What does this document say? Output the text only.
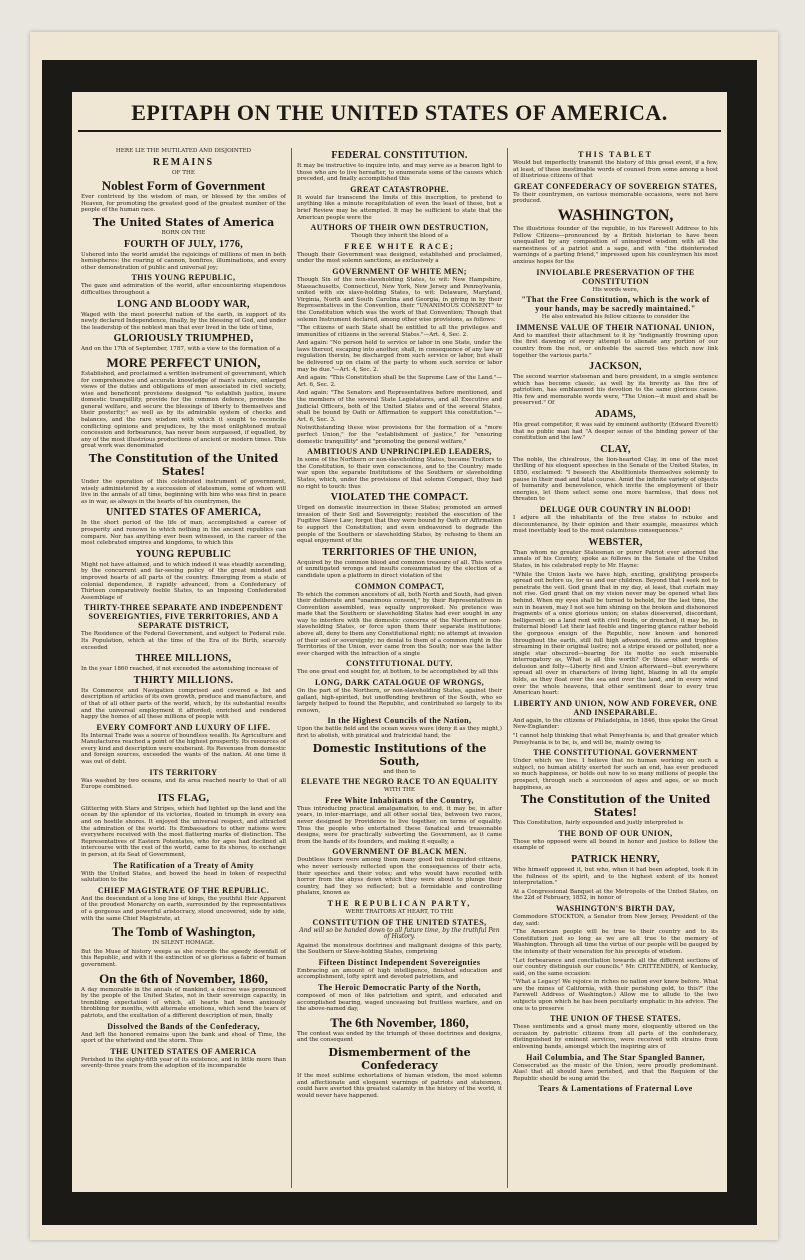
EPITAPH ON THE UNITED STATES OF AMERICA.

HERE LIE THE MUTILATED AND DISJOINTED

REMAINS

OF THE

Noblest Form of Government

Ever contrived by the wisdom of man, or blessed by the smiles of Heaven, for promoting the greatest good of the greatest number of the people of the human race.

The United States of America

BORN ON THE

FOURTH OF JULY, 1776,

Ushered into the world amidst the rejoicings of millions of men in both hemispheres: the roaring of cannon, bonfires, illuminations, and every other demonstration of public and universal joy;

THIS YOUNG REPUBLIC,

The gaze and admiration of the world, after encountering stupendous difficulties throughout a

LONG AND BLOODY WAR,

Waged with the most powerful nation of the earth, in support of its newly declared Independence, finally, by the blessing of God, and under the leadership of the noblest man that ever lived in the tide of time,

GLORIOUSLY TRIUMPHED,

And on the 17th of September, 1787, with a view to the formation of a

MORE PERFECT UNION,

Established, and proclaimed a written instrument of government, which for comprehensive and accurate knowledge of man's nature, enlarged views of the duties and obligations of men associated in civil society, wise and beneficent provisions designed "to establish justice, insure domestic tranquillity, provide for the common defence, promote the general welfare, and secure the blessings of liberty to themselves and their posterity;" as well as by its admirable system of checks and balances, and the rare wisdom with which it sought to reconcile conflicting opinions and prejudices, by the most enlightened mutual concession and forbearance, has never been surpassed, if equalled, by any of the most illustrious productions of ancient or modern times. This great work was denominated

The Constitution of the United States!

Under the operation of this celebrated instrument of government, wisely administered by a succession of statesmen, some of whom will live in the annals of all time, beginning with him who was first in peace as in war, as always in the hearts of his countrymen, the

UNITED STATES OF AMERICA,

In the short period of the life of man, accomplished a career of prosperity and renown to which nothing in the ancient republics can compare. Nor has anything ever been witnessed, in the career of the most celebrated empires and kingdoms, to which this

YOUNG REPUBLIC

Might not have attained, and to which indeed it was steadily ascending, by the concurrent and far-seeing policy of the great minded and improved hearts of all parts of the country. Emerging from a state of colonial dependence, it rapidly advanced, from a Confederacy of Thirteen comparatively feeble States, to an Imposing Confederated Assemblage of

THIRTY-THREE SEPARATE AND INDEPENDENT SOVEREIGNTIES, FIVE TERRITORIES, AND A SEPARATE DISTRICT,

The Residence of the Federal Government, and subject to Federal rule. Its Population, which at the time of the Era of its Birth, scarcely exceeded

THREE MILLIONS,

In the year 1860 reached, if not exceeded the astonishing increase of

THIRTY MILLIONS.

Its Commerce and Navigation comprised and covered a list and description of articles of its own growth, produce and manufacture, and of that of all other parts of the world, which, by its substantial results and the universal employment it afforded, enriched and rendered happy the homes of all these millions of people with

EVERY COMFORT AND LUXURY OF LIFE.

Its Internal Trade was a source of boundless wealth. Its Agriculture and Manufactures reached a point of the highest prosperity. Its resources of every kind and description were exuberant. Its Revenues from domestic and foreign sources, exceeded the wants of the nation. At one time it was out of debt.

ITS TERRITORY

Was washed by two oceans, and its area reached nearly to that of all Europe combined.

ITS FLAG,

Glittering with Stars and Stripes, which had lighted up the land and the ocean by the splendor of its victories, floated in triumph in every sea and on hostile shores. It enjoyed the universal respect, and attracted the admiration of the world. Its Embassadors to other nations were everywhere received with the most flattering marks of distinction. The Representatives of Eastern Potentates, who for ages had declined all intercourse with the rest of the world, came to its shores, to exchange in person, at its Seat of Government,

The Ratification of a Treaty of Amity

With the United States, and bowed the head in token of respectful salutation to the

CHIEF MAGISTRATE OF THE REPUBLIC.

And the descendant of a long line of kings, the youthful Heir Apparent of the proudest Monarchy on earth, surrounded by the representatives of a gorgeous and powerful aristocracy, stood uncovered, side by side, with the same Chief Magistrate, at

The Tomb of Washington,

IN SILENT HOMAGE.

But the Muse of history weeps as she records the speedy downfall of this Republic, and with it the extinction of so glorious a fabric of human government.

On the 6th of November, 1860,

A day memorable in the annals of mankind, a decree was pronounced by the people of the United States, not in their sovereign capacity, in trembling expectation of which, all hearts had been anxiously throbbing for months, with alternate emotions, which send the tears of patriots, and the exultation of a different description of men, finally

Dissolved the Bands of the Confederacy,

And left the honored remains upon the bank and shoal of Time, the sport of the whirlwind and the storm. Thus

THE UNITED STATES OF AMERICA

Perished in the eighty-fifth year of its existence, and in little more than seventy-three years from the adoption of its incomparable

FEDERAL CONSTITUTION.

It may be instructive to inquire into, and may serve as a beacon light to those who are to live hereafter, to enumerate some of the causes which preceded, and finally accomplished this

GREAT CATASTROPHE.

It would far transcend the limits of this inscription, to pretend to anything like a minute recapitulation of even the least of these, but a brief Review may be attempted. It may be sufficient to state that the American people were the

AUTHORS OF THEIR OWN DESTRUCTION,

Though they inherit the blood of a

FREE WHITE RACE;

Though their Government was designed, established and proclaimed, under the most solemn sanctions, as exclusively a

GOVERNMENT OF WHITE MEN;

Though Six of the non-slaveholding States, to wit: New Hampshire, Massachusetts, Connecticut, New York, New Jersey and Pennsylvania, united with six slave-holding States, to wit: Delaware, Maryland, Virginia, North and South Carolina and Georgia, in giving in by their Representatives in the Convention, their "UNANIMOUS CONSENT" to the Constitution which was the work of that Convention; Though that solemn Instrument declared, among other wise provisions, as follows:

"The citizens of each State shall be entitled to all the privileges and immunities of citizens in the several States."—Art. 4, Sec. 2.

And again: "No person held to service or labor in one State, under the laws thereof, escaping into another, shall, in consequence of any law or regulation therein, be discharged from such service or labor, but shall be delivered up on claim of the party to whom such service or labor may be due."—Art. 4, Sec. 2.

And again: "This Constitution shall be the Supreme Law of the Land."—Art. 6, Sec. 2.

And again: "The Senators and Representatives before mentioned, and the members of the several State Legislatures, and all Executive and Judicial Officers, both of the United States and of the several States, shall be bound by Oath or Affirmation to support this constitution."—Art. 6, Sec. 3.

Notwithstanding these wise provisions for the formation of a "more perfect Union," for the "establishment of justice," for "ensuring domestic tranquillity" and "promoting the general welfare,"

AMBITIOUS AND UNPRINCIPLED LEADERS,

In some of the Northern or non-slaveholding States, became Traitors to the Constitution, to their own consciences, and to the Country; made war upon the separate Institutions of the Southern or slaveholding States, which, under the provisions of that solemn Compact, they had no right to touch: thus

VIOLATED THE COMPACT.

Urged on domestic insurrection in these States; promoted an armed invasion of their Soil and Sovereignty; resisted the execution of the Fugitive Slave Law; forgot that they were bound by Oath or Affirmation to support the Constitution; and even endeavored to degrade the people of the Southern or slaveholding States, by refusing to them an equal enjoyment of the

TERRITORIES OF THE UNION,

Acquired by the common blood and common treasure of all. This series of unmitigated wrongs and insults consummated by the election of a candidate upon a platform in direct violation of the

COMMON COMPACT,

To which the common ancestors of all, both North and South, had given their deliberate and "unanimous consent," by their Representatives in Convention assembled, was equally unprovoked. No pretence was made that the Southern or slaveholding States had ever sought in any way to interfere with the domestic concerns of the Northern or non-slaveholding States, or force upon them their separate institutions; above all, deny to them any Constitutional right; no attempt at invasion of their soil or sovereignty; no denial to them of a common right in the Territories of the Union, ever came from the South; nor was the latter ever charged with the infraction of a single

CONSTITUTIONAL DUTY.

The one great end sought for, at bottom, to be accomplished by all this

LONG, DARK CATALOGUE OF WRONGS,

On the part of the Northern, or non-slaveholding States, against their gallant, high-spirited, but unoffending brethren of the South, who so largely helped to found the Republic, and contributed so largely to its renown,

In the Highest Councils of the Nation,

Upon the battle field and the ocean waves wave (deny it as they might,) first to abolish, with piratical and fratricidal hand, the

Domestic Institutions of the South,

and then to

ELEVATE THE NEGRO RACE TO AN EQUALITY

WITH THE

Free White Inhabitants of the Country,

Thus introducing practical amalgamation, to end, it may be, in after years, in inter-marriage, and all other social ties, between two races, never designed by Providence to live together, on terms of equality. Thus the people who entertained these fanatical and treasonable designs, were for practically subverting the Government, as it came from the hands of its founders, and making it equally, a

GOVERNMENT OF BLACK MEN.

Doubtless there were among them many good but misguided citizens, who never seriously reflected upon the consequences of their acts, their speeches and their votes; and who would have recoiled with horror from the abyss down which they were about to plunge their country, had they so reflected; but a formidable and controlling phalanx, known as

THE REPUBLICAN PARTY,

WERE TRAITORS AT HEART, TO THE

CONSTITUTION OF THE UNITED STATES,

And will so be handed down to all future time, by the truthful Pen of History.

Against the monstrous doctrines and malignant designs of this party, the Southern or Slave-holding States, comprising

Fifteen Distinct Independent Sovereignties

Embracing an amount of high intelligence, finished education and accomplishment, lofty spirit and devoted patriotism, and

The Heroic Democratic Party of the North,

composed of men of like patriotism and spirit, and educated and accomplished bearing, waged unceasing but fruitless warfare, and on the above-named day,

The 6th November, 1860,

The contest was ended by the triumph of these doctrines and designs, and the consequent

Dismemberment of the Confederacy

If the most sublime exhortations of human wisdom, the most solemn and affectionate and eloquent warnings of patriots and statesmen, could have averted this greatest calamity in the history of the world, it would never have happened.

THIS TABLET

Would but imperfectly transmit the history of this great event, if a few, at least, of these inestimable words of counsel from some among a host of illustrious citizens of that

GREAT CONFEDERACY OF SOVEREIGN STATES,

To their countrymen, on various memorable occasions, were not here produced.

WASHINGTON,

The illustrious founder of the republic, in his Farewell Address to his Fellow Citizens—pronounced by a British historian to have been unequalled by any composition of uninspired wisdom with all the earnestness of a patriot and a sage, and with "the disinterested warnings of a parting friend," impressed upon his countrymen his most anxious hopes for the

INVIOLABLE PRESERVATION OF THE CONSTITUTION

His words were,

"That the Free Constitution, which is the work of your hands, may be sacredly maintained."

He also entreated his fellow citizens to consider the

IMMENSE VALUE OF THEIR NATIONAL UNION,

And to manifest their attachment to it by "indignantly frowning upon the first dawning of every attempt to alienate any portion of our country from the rest, or enfeeble the sacred ties which now link together the various parts."

JACKSON,

The second warrior statesman and hero president, in a single sentence which has become classic, as well by its brevity as the fire of patriotism, has emblazoned his devotion to the same glorious cause. His few and memorable words were, "The Union—it must and shall be preserved." Of

ADAMS,

His great competitor, it was said by eminent authority (Edward Everett) that no public man had "A deeper sense of the binding power of the constitution and the law."

CLAY,

The noble, the chivalrous, the lion-hearted Clay, in one of the most thrilling of his eloquent speeches in the Senate of the United States, in 1850, exclaimed: "I beseech the Abolitionists themselves solemnly to pause in their mad and fatal course. Amid the infinite variety of objects of humanity and benevolence, which invite the employment of their energies, let them select some one more harmless, that does not threaten to

DELUGE OUR COUNTRY IN BLOOD!

I adjure all the inhabitants of the free states to rebuke and discountenance, by their opinion and their example, measures which must inevitably lead to the most calamitous consequences."

WEBSTER,

Than whom no greater Statesman or purer Patriot ever adorned the annals of his Country, spoke as follows in the Senate of the United States, in his celebrated reply to Mr. Hayne:

"While the Union lasts we have high, exciting, gratifying prospects spread out before us, for us and our children. Beyond that I seek not to penetrate the veil. God grant that in my day, at least, that curtain may not rise. God grant that on my vision never may be opened what lies behind. When my eyes shall be turned to behold, for the last time, the sun in heaven, may I not see him shining on the broken and dishonored fragments of a once glorious union; on states dissevered, discordant, belligerent; on a land rent with civil feuds, or drenched, it may be, in fraternal blood! Let their last feeble and lingering glance rather behold the gorgeous ensign of the Republic, now known and honored throughout the earth, still full high advanced, its arms and trophies streaming in their original lustre; not a stripe erased or polluted, nor a single star obscured—bearing for its motto no such miserable interrogatory as, What is all this worth? Or those other words of delusion and folly—Liberty first and Union afterward—but everywhere spread all over in characters of living light, blazing in all its ample folds, as they float over the sea and over the land, and in every wind over the whole heavens, that other sentiment dear to every true American heart:

LIBERTY AND UNION, NOW AND FOREVER, ONE AND INSEPARABLE.

And again, to the citizens of Philadelphia, in 1846, thus spoke the Great New-Englander:

"I cannot help thinking that what Pensylvania is, and that greater which Pensylvania is to be, is, and will be, mainly owing to

THE CONSTITUTIONAL GOVERNMENT

Under which we live. I believe that no human working on such a subject, no human ability exerted for such an end, has ever produced so much happiness, or holds out now to so many millions of people the prospect, through such a succession of ages and ages, or so much happiness, as

The Constitution of the United States!

This Constitution, fairly expounded and justly interpreted is

THE BOND OF OUR UNION,

Those who opposed were all bound in honor and justice to follow the example of

PATRICK HENRY,

Who himself opposed it, but who, when it had been adopted, took it in the fullness of its spirit, and to the highest extent of its honest interpretation."

At a Congressional Banquet at the Metropolis of the United States, on the 22d of February, 1852, in honor of

WASHINGTON'S BIRTH DAY,

Commodore STOCKTON, a Senator from New Jersey, President of the day, said:

"The American people will be true to their country and to its Constitution just so long as we are all true to the memory of Washington. Through all time the virtue of our people will be gauged by the intensity of their veneration for his precepts of wisdom.

"Let forbearance and conciliation towards all the different sections of our country distinguish our councils." Mr. CRITTENDEN, of Kentucky, said, on the same occasion:

"What a Legacy! We rejoice in riches no nation ever knew before. What are the mines of California, with their perishing gold, to this?" (the Farewell Address of Washington.) Allow me to allude to the two subjects upon which he has been peculiarly emphatic in his advice. The one is to preserve

THE UNION OF THESE STATES.

These sentiments and a great many more, eloquently uttered on the occasion by patriotic citizens from all parts of the confederacy, distinguished by eminent services, were received with strains from enlivening bands, amongst which the inspiring airs of

Hail Columbia, and The Star Spangled Banner,

Consecrated as the music of the Union, were proudly predominant. Alas! that all should have perished, and that the Requiem of the Republic should be sung amid the

Tears & Lamentations of Fraternal Love
